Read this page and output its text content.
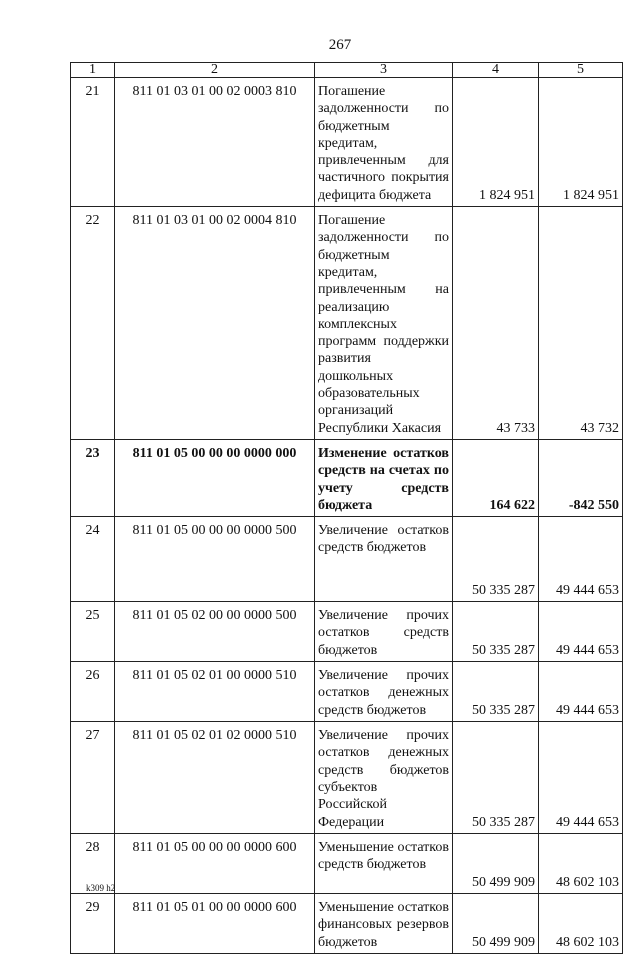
267
1	2	3	4	5
21	811 01 03 01 00 02 0003 810	Погашение задолженности по бюджетным кредитам, привлеченным для частичного покрытия дефицита бюджета	1 824 951	1 824 951
22	811 01 03 01 00 02 0004 810	Погашение задолженности по бюджетным кредитам, привлеченным на реализацию комплексных программ поддержки развития дошкольных образовательных организаций Республики Хакасия	43 733	43 732
23	811 01 05 00 00 00 0000 000	Изменение остатков средств на счетах по учету средств бюджета	164 622	-842 550
24	811 01 05 00 00 00 0000 500	Увеличение остатков средств бюджетов	50 335 287	49 444 653
25	811 01 05 02 00 00 0000 500	Увеличение прочих остатков средств бюджетов	50 335 287	49 444 653
26	811 01 05 02 01 00 0000 510	Увеличение прочих остатков денежных средств бюджетов	50 335 287	49 444 653
27	811 01 05 02 01 02 0000 510	Увеличение прочих остатков денежных средств бюджетов субъектов Российской Федерации	50 335 287	49 444 653
28	811 01 05 00 00 00 0000 600	Уменьшение остатков средств бюджетов	50 499 909	48 602 103
29	811 01 05 01 00 00 0000 600	Уменьшение остатков финансовых резервов бюджетов	50 499 909	48 602 103
k309 h2
